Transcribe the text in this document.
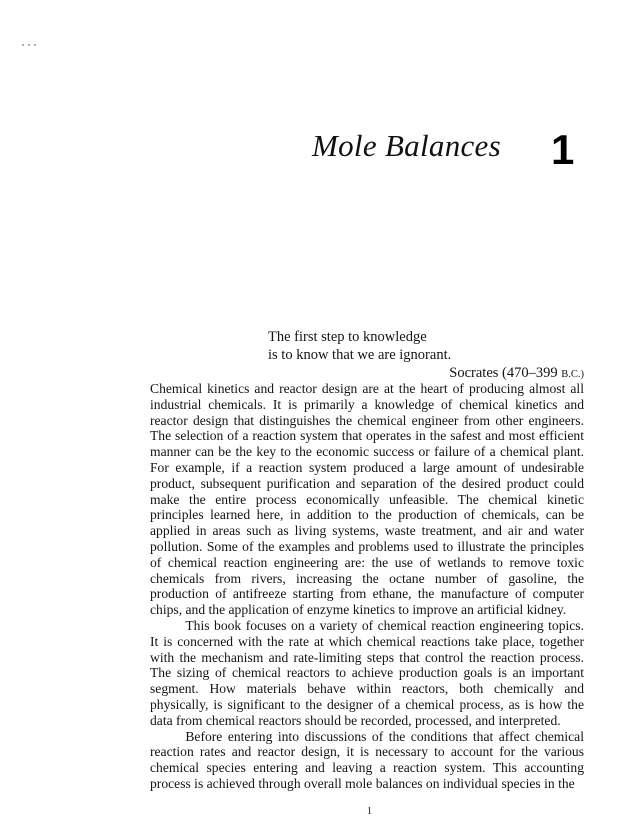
Mole Balances 1

The first step to knowledge

is to know that we are ignorant.

Socrates (470–399 B.C.)

Chemical kinetics and reactor design are at the heart of producing almost all industrial chemicals. It is primarily a knowledge of chemical kinetics and reactor design that distinguishes the chemical engineer from other engineers. The selection of a reaction system that operates in the safest and most efficient manner can be the key to the economic success or failure of a chemical plant. For example, if a reaction system produced a large amount of undesirable product, subsequent purification and separation of the desired product could make the entire process economically unfeasible. The chemical kinetic principles learned here, in addition to the production of chemicals, can be applied in areas such as living systems, waste treatment, and air and water pollution. Some of the examples and problems used to illustrate the principles of chemical reaction engineering are: the use of wetlands to remove toxic chemicals from rivers, increasing the octane number of gasoline, the production of antifreeze starting from ethane, the manufacture of computer chips, and the application of enzyme kinetics to improve an artificial kidney.

This book focuses on a variety of chemical reaction engineering topics. It is concerned with the rate at which chemical reactions take place, together with the mechanism and rate-limiting steps that control the reaction process. The sizing of chemical reactors to achieve production goals is an important segment. How materials behave within reactors, both chemically and physically, is significant to the designer of a chemical process, as is how the data from chemical reactors should be recorded, processed, and interpreted.

Before entering into discussions of the conditions that affect chemical reaction rates and reactor design, it is necessary to account for the various chemical species entering and leaving a reaction system. This accounting process is achieved through overall mole balances on individual species in the

1
